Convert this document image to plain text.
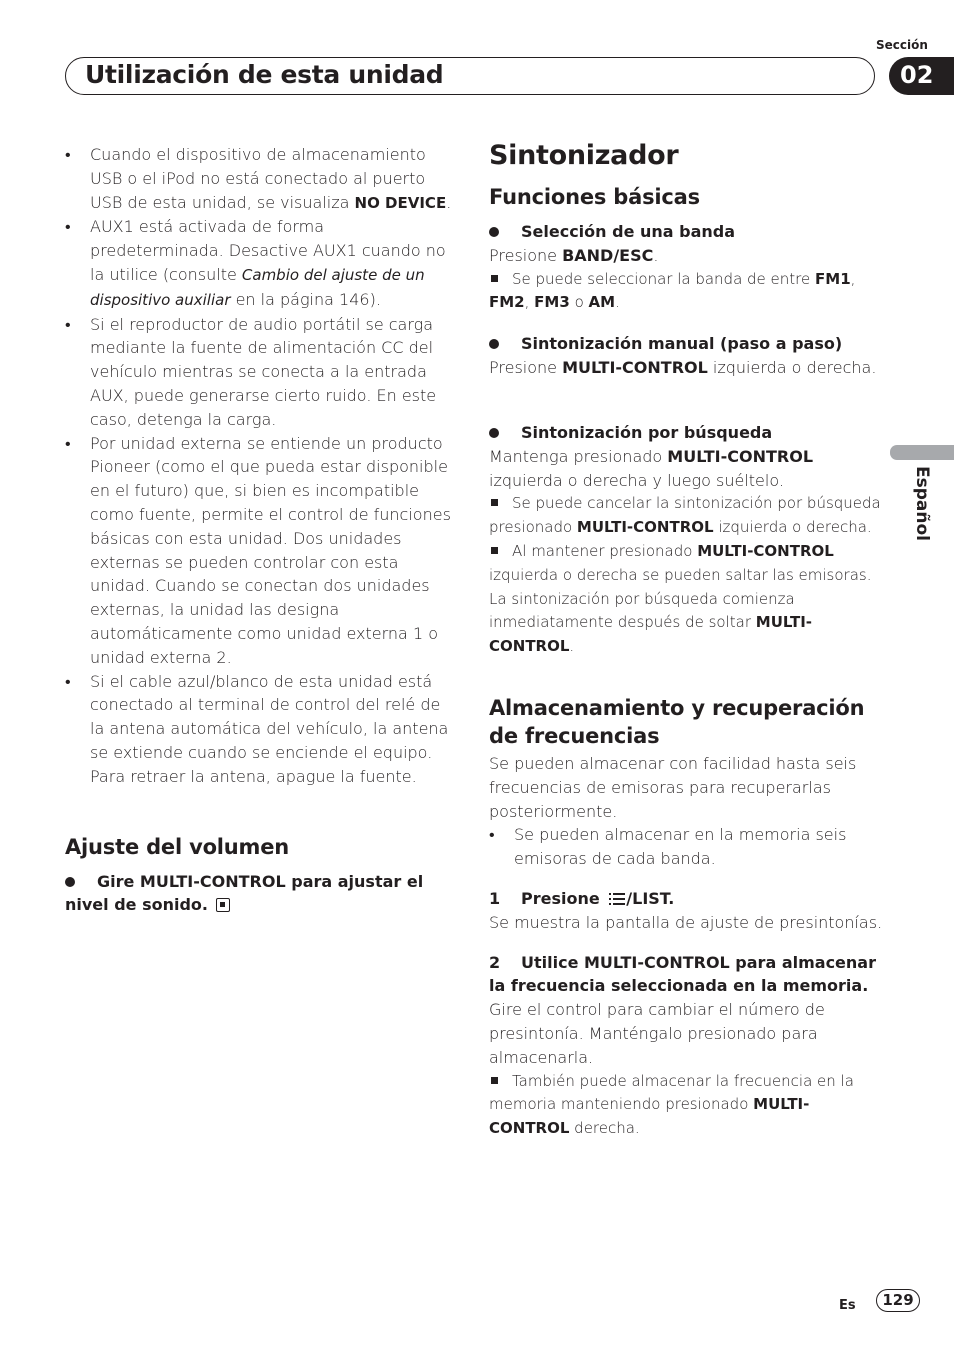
Sección
Utilización de esta unidad	02
Español
• Cuando el dispositivo de almacenamiento USB o el iPod no está conectado al puerto USB de esta unidad, se visualiza NO DEVICE.
• AUX1 está activada de forma predeterminada. Desactive AUX1 cuando no la utilice (consulte Cambio del ajuste de un dispositivo auxiliar en la página 146).
• Si el reproductor de audio portátil se carga mediante la fuente de alimentación CC del vehículo mientras se conecta a la entrada AUX, puede generarse cierto ruido. En este caso, detenga la carga.
• Por unidad externa se entiende un producto Pioneer (como el que pueda estar disponible en el futuro) que, si bien es incompatible como fuente, permite el control de funciones básicas con esta unidad. Dos unidades externas se pueden controlar con esta unidad. Cuando se conectan dos unidades externas, la unidad las designa automáticamente como unidad externa 1 o unidad externa 2.
• Si el cable azul/blanco de esta unidad está conectado al terminal de control del relé de la antena automática del vehículo, la antena se extiende cuando se enciende el equipo. Para retraer la antena, apague la fuente.
Ajuste del volumen
Gire MULTI-CONTROL para ajustar el nivel de sonido.
Sintonizador
Funciones básicas
Selección de una banda
Presione BAND/ESC.
Se puede seleccionar la banda de entre FM1, FM2, FM3 o AM.
Sintonización manual (paso a paso)
Presione MULTI-CONTROL izquierda o derecha.
Sintonización por búsqueda
Mantenga presionado MULTI-CONTROL izquierda o derecha y luego suéltelo.
Se puede cancelar la sintonización por búsqueda presionado MULTI-CONTROL izquierda o derecha.
Al mantener presionado MULTI-CONTROL izquierda o derecha se pueden saltar las emisoras. La sintonización por búsqueda comienza inmediatamente después de soltar MULTI-CONTROL.
Almacenamiento y recuperación de frecuencias
Se pueden almacenar con facilidad hasta seis frecuencias de emisoras para recuperarlas posteriormente.
• Se pueden almacenar en la memoria seis emisoras de cada banda.
1 Presione /LIST.
Se muestra la pantalla de ajuste de presintonías.
2 Utilice MULTI-CONTROL para almacenar la frecuencia seleccionada en la memoria.
Gire el control para cambiar el número de presintonía. Manténgalo presionado para almacenarla.
También puede almacenar la frecuencia en la memoria manteniendo presionado MULTI-CONTROL derecha.
Es	129
